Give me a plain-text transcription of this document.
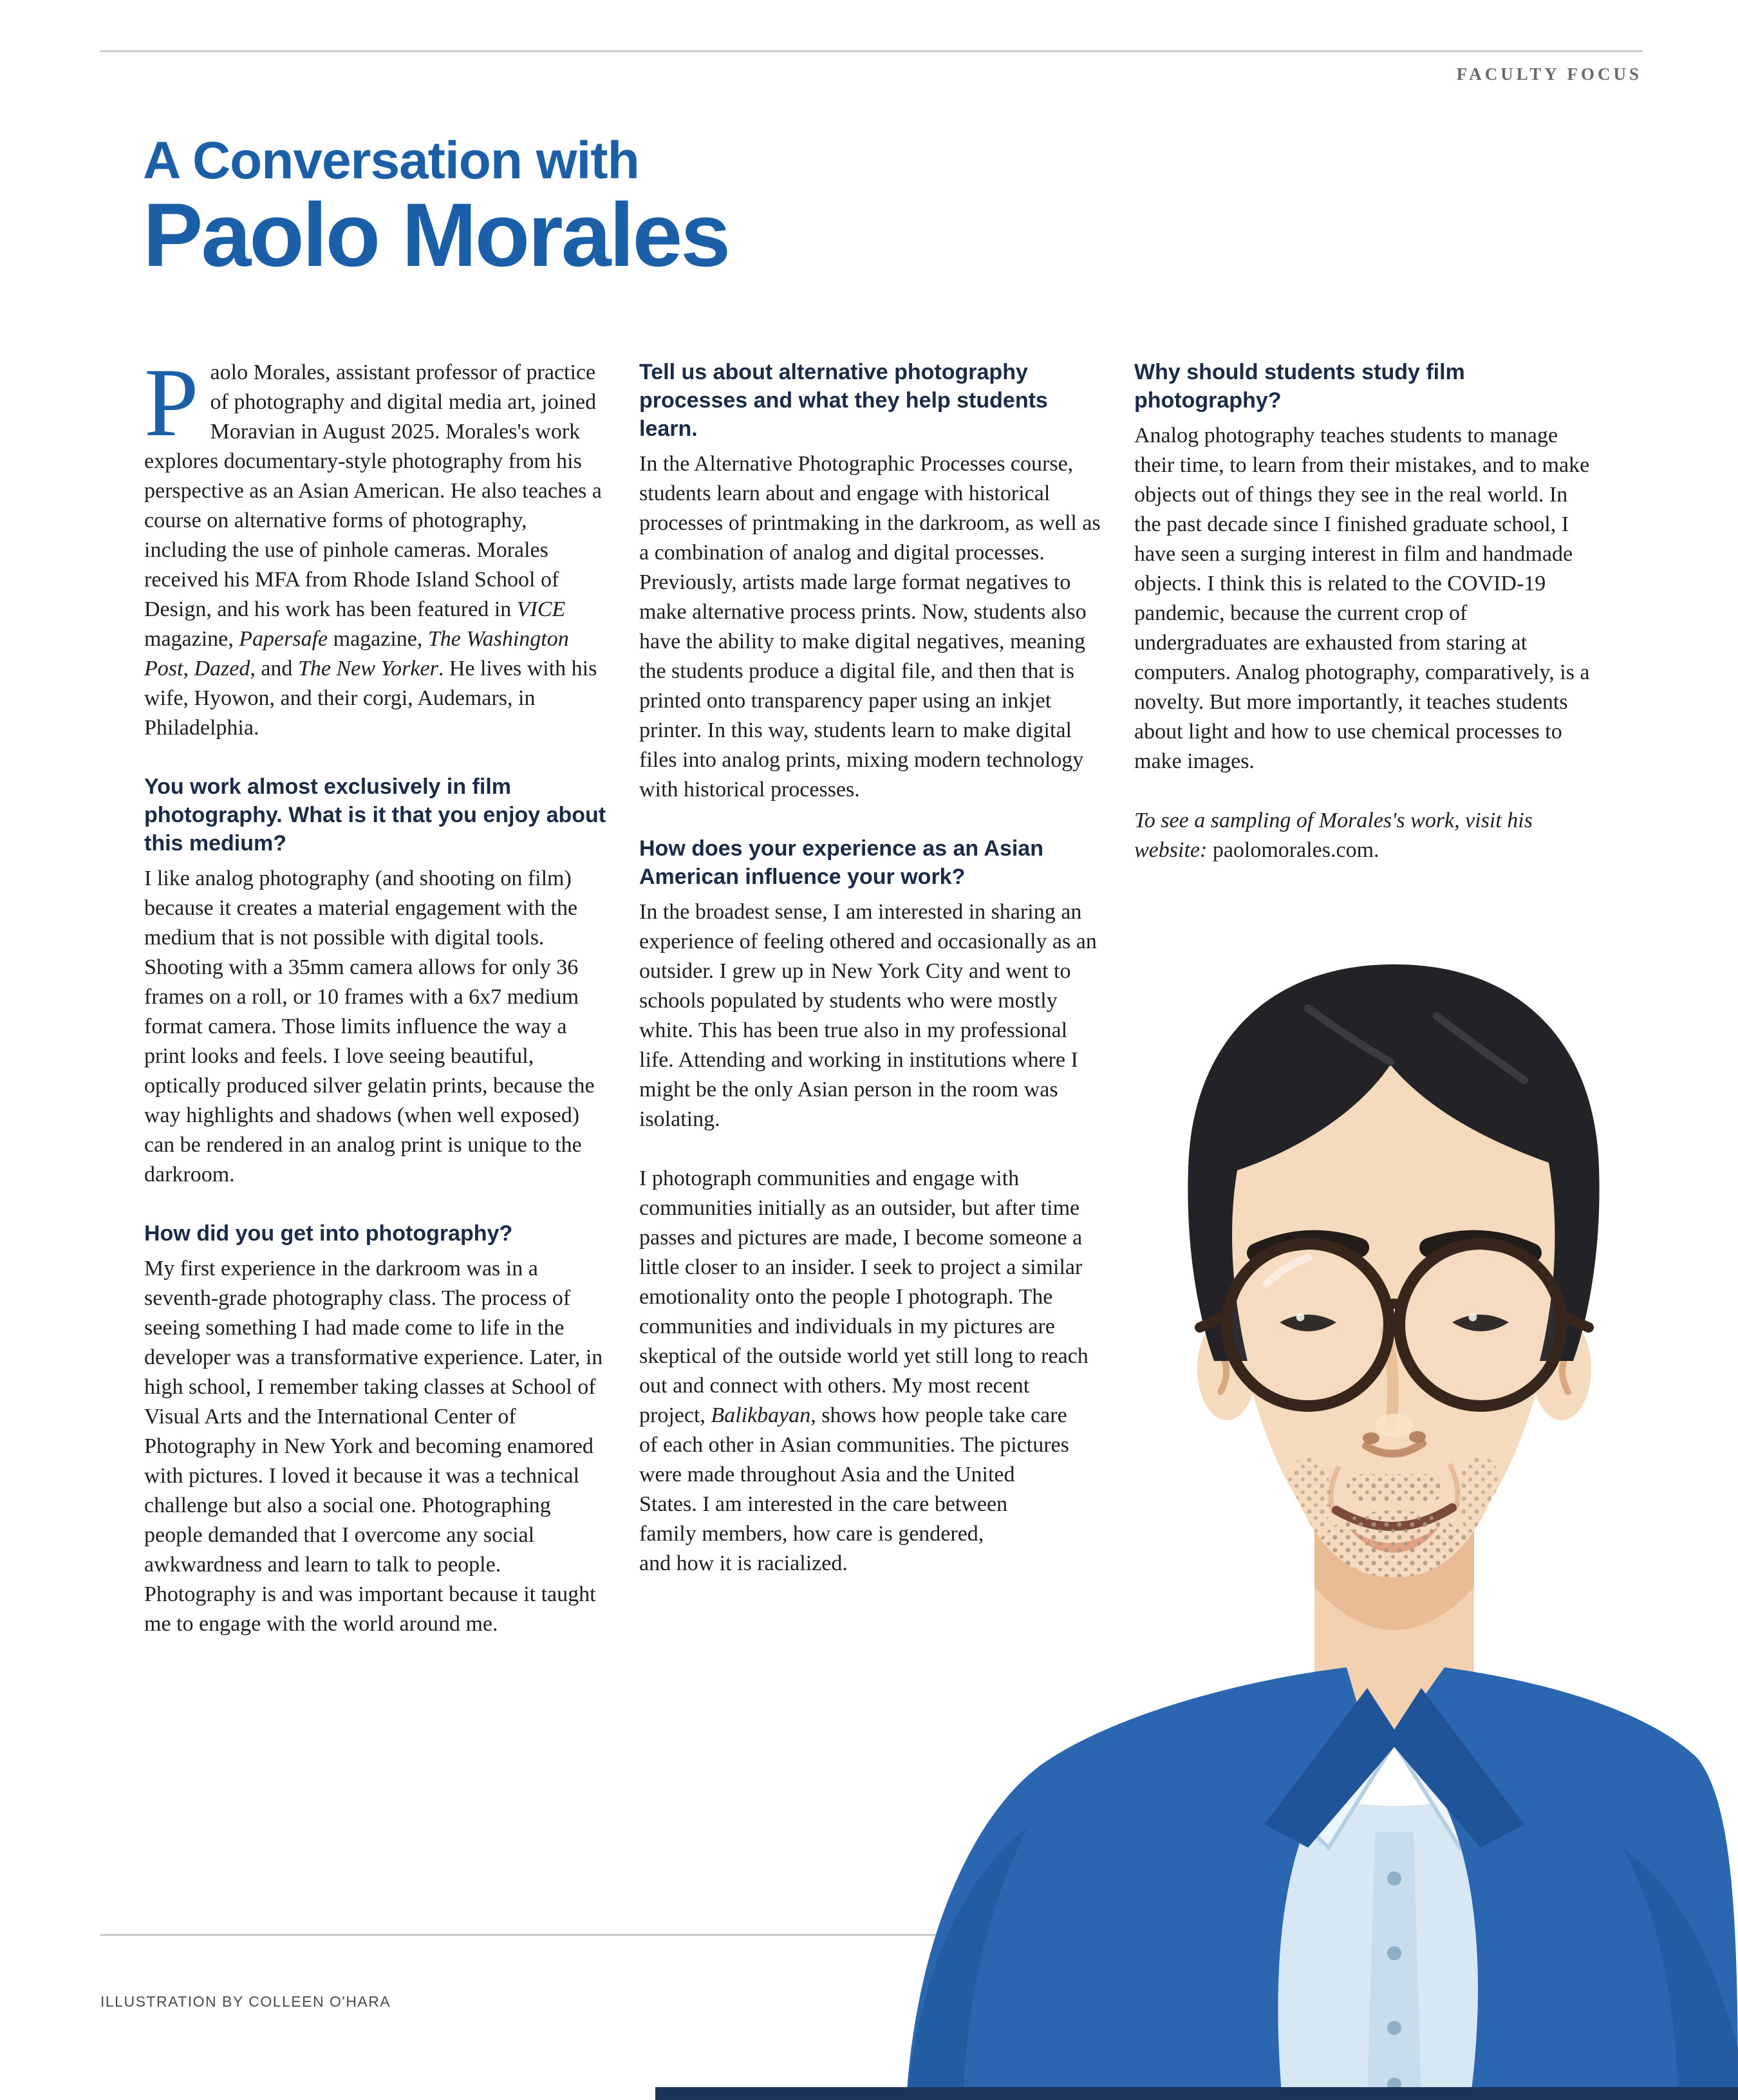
FACULTY FOCUS
A Conversation with
Paolo Morales

Paolo Morales, assistant professor of practice of photography and digital media art, joined Moravian in August 2025. Morales's work explores documentary-style photography from his perspective as an Asian American. He also teaches a course on alternative forms of photography, including the use of pinhole cameras. Morales received his MFA from Rhode Island School of Design, and his work has been featured in VICE magazine, Papersafe magazine, The Washington Post, Dazed, and The New Yorker. He lives with his wife, Hyowon, and their corgi, Audemars, in Philadelphia.

You work almost exclusively in film photography. What is it that you enjoy about this medium?

I like analog photography (and shooting on film) because it creates a material engagement with the medium that is not possible with digital tools. Shooting with a 35mm camera allows for only 36 frames on a roll, or 10 frames with a 6x7 medium format camera. Those limits influence the way a print looks and feels. I love seeing beautiful, optically produced silver gelatin prints, because the way highlights and shadows (when well exposed) can be rendered in an analog print is unique to the darkroom.

How did you get into photography?

My first experience in the darkroom was in a seventh-grade photography class. The process of seeing something I had made come to life in the developer was a transformative experience. Later, in high school, I remember taking classes at School of Visual Arts and the International Center of Photography in New York and becoming enamored with pictures. I loved it because it was a technical challenge but also a social one. Photographing people demanded that I overcome any social awkwardness and learn to talk to people. Photography is and was important because it taught me to engage with the world around me.

Tell us about alternative photography processes and what they help students learn.

In the Alternative Photographic Processes course, students learn about and engage with historical processes of printmaking in the darkroom, as well as a combination of analog and digital processes. Previously, artists made large format negatives to make alternative process prints. Now, students also have the ability to make digital negatives, meaning the students produce a digital file, and then that is printed onto transparency paper using an inkjet printer. In this way, students learn to make digital files into analog prints, mixing modern technology with historical processes.

How does your experience as an Asian American influence your work?

In the broadest sense, I am interested in sharing an experience of feeling othered and occasionally as an outsider. I grew up in New York City and went to schools populated by students who were mostly white. This has been true also in my professional life. Attending and working in institutions where I might be the only Asian person in the room was isolating.

I photograph communities and engage with communities initially as an outsider, but after time passes and pictures are made, I become someone a little closer to an insider. I seek to project a similar emotionality onto the people I photograph. The communities and individuals in my pictures are skeptical of the outside world yet still long to reach out and connect with others. My most recent project, Balikbayan, shows how people take care of each other in Asian communities. The pictures were made throughout Asia and the United States. I am interested in the care between family members, how care is gendered, and how it is racialized.

Why should students study film photography?

Analog photography teaches students to manage their time, to learn from their mistakes, and to make objects out of things they see in the real world. In the past decade since I finished graduate school, I have seen a surging interest in film and handmade objects. I think this is related to the COVID-19 pandemic, because the current crop of undergraduates are exhausted from staring at computers. Analog photography, comparatively, is a novelty. But more importantly, it teaches students about light and how to use chemical processes to make images.

To see a sampling of Morales's work, visit his website: paolomorales.com.

ILLUSTRATION BY COLLEEN O'HARA
